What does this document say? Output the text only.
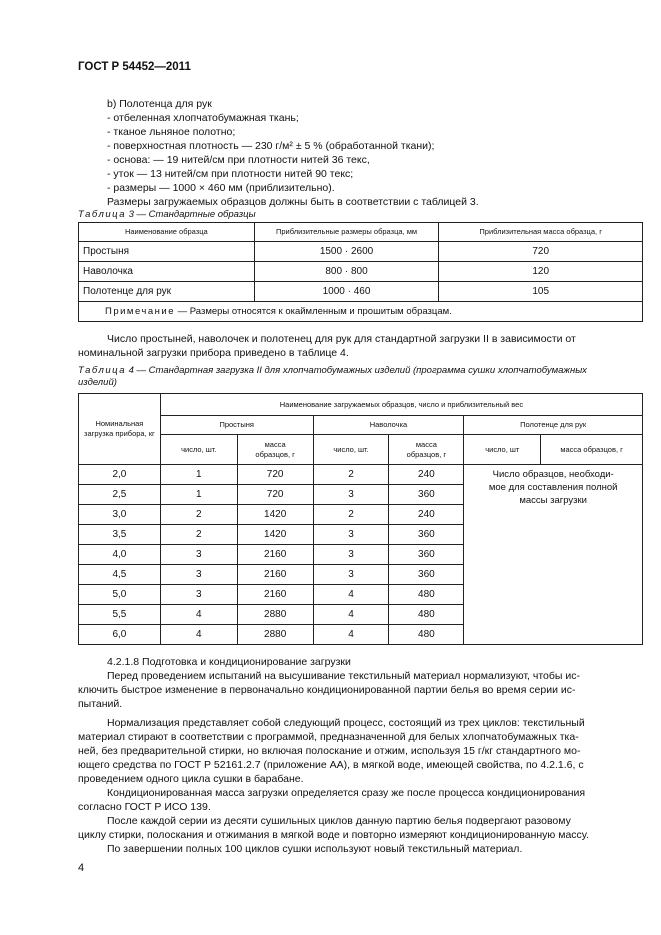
ГОСТ Р 54452—2011
b) Полотенца для рук
- отбеленная хлопчатобумажная ткань;
- тканое льняное полотно;
- поверхностная плотность — 230 г/м² ± 5 % (обработанной ткани);
- основа: — 19 нитей/см при плотности нитей 36 текс,
- уток — 13 нитей/см при плотности нитей 90 текс;
- размеры — 1000 × 460 мм (приблизительно).
Размеры загружаемых образцов должны быть в соответствии с таблицей 3.
Таблица 3 — Стандартные образцы
Наименование образца	Приблизительные размеры образца, мм	Приблизительная масса образца, г
Простыня	1500 · 2600	720
Наволочка	800 · 800	120
Полотенце для рук	1000 · 460	105
Примечание — Размеры относятся к окаймленным и прошитым образцам.		
Число простыней, наволочек и полотенец для рук для стандартной загрузки II в зависимости от
номинальной загрузки прибора приведено в таблице 4.
Таблица 4 — Стандартная загрузка II для хлопчатобумажных изделий (программа сушки хлопчатобумажных
изделий)
Номинальная загрузка прибора, кг	Наименование загружаемых образцов, число и приблизительный вес					
	Простыня		Наволочка		Полотенце для рук	
	число, шт.	масса образцов, г	число, шт.	масса образцов, г	число, шт	масса образцов, г
2,0	1	720	2	240	Число образцов, необходи-
мое для составления полной
массы загрузки	

2,5	1	720	3	360		
3,0	2	1420	2	240		
3,5	2	1420	3	360		
4,0	3	2160	3	360		
4,5	3	2160	3	360		
5,0	3	2160	4	480		
5,5	4	2880	4	480		
6,0	4	2880	4	480		
4.2.1.8 Подготовка и кондиционирование загрузки
Перед проведением испытаний на высушивание текстильный материал нормализуют, чтобы ис-
ключить быстрое изменение в первоначально кондиционированной партии белья во время серии ис-
пытаний.
Нормализация представляет собой следующий процесс, состоящий из трех циклов: текстильный
материал стирают в соответствии с программой, предназначенной для белых хлопчатобумажных тка-
ней, без предварительной стирки, но включая полоскание и отжим, используя 15 г/кг стандартного мо-
ющего средства по ГОСТ Р 52161.2.7 (приложение АА), в мягкой воде, имеющей свойства, по 4.2.1.6, с
проведением одного цикла сушки в барабане.
Кондиционированная масса загрузки определяется сразу же после процесса кондиционирования
согласно ГОСТ Р ИСО 139.
После каждой серии из десяти сушильных циклов данную партию белья подвергают разовому
циклу стирки, полоскания и отжимания в мягкой воде и повторно измеряют кондиционированную массу.
По завершении полных 100 циклов сушки используют новый текстильный материал.
4
